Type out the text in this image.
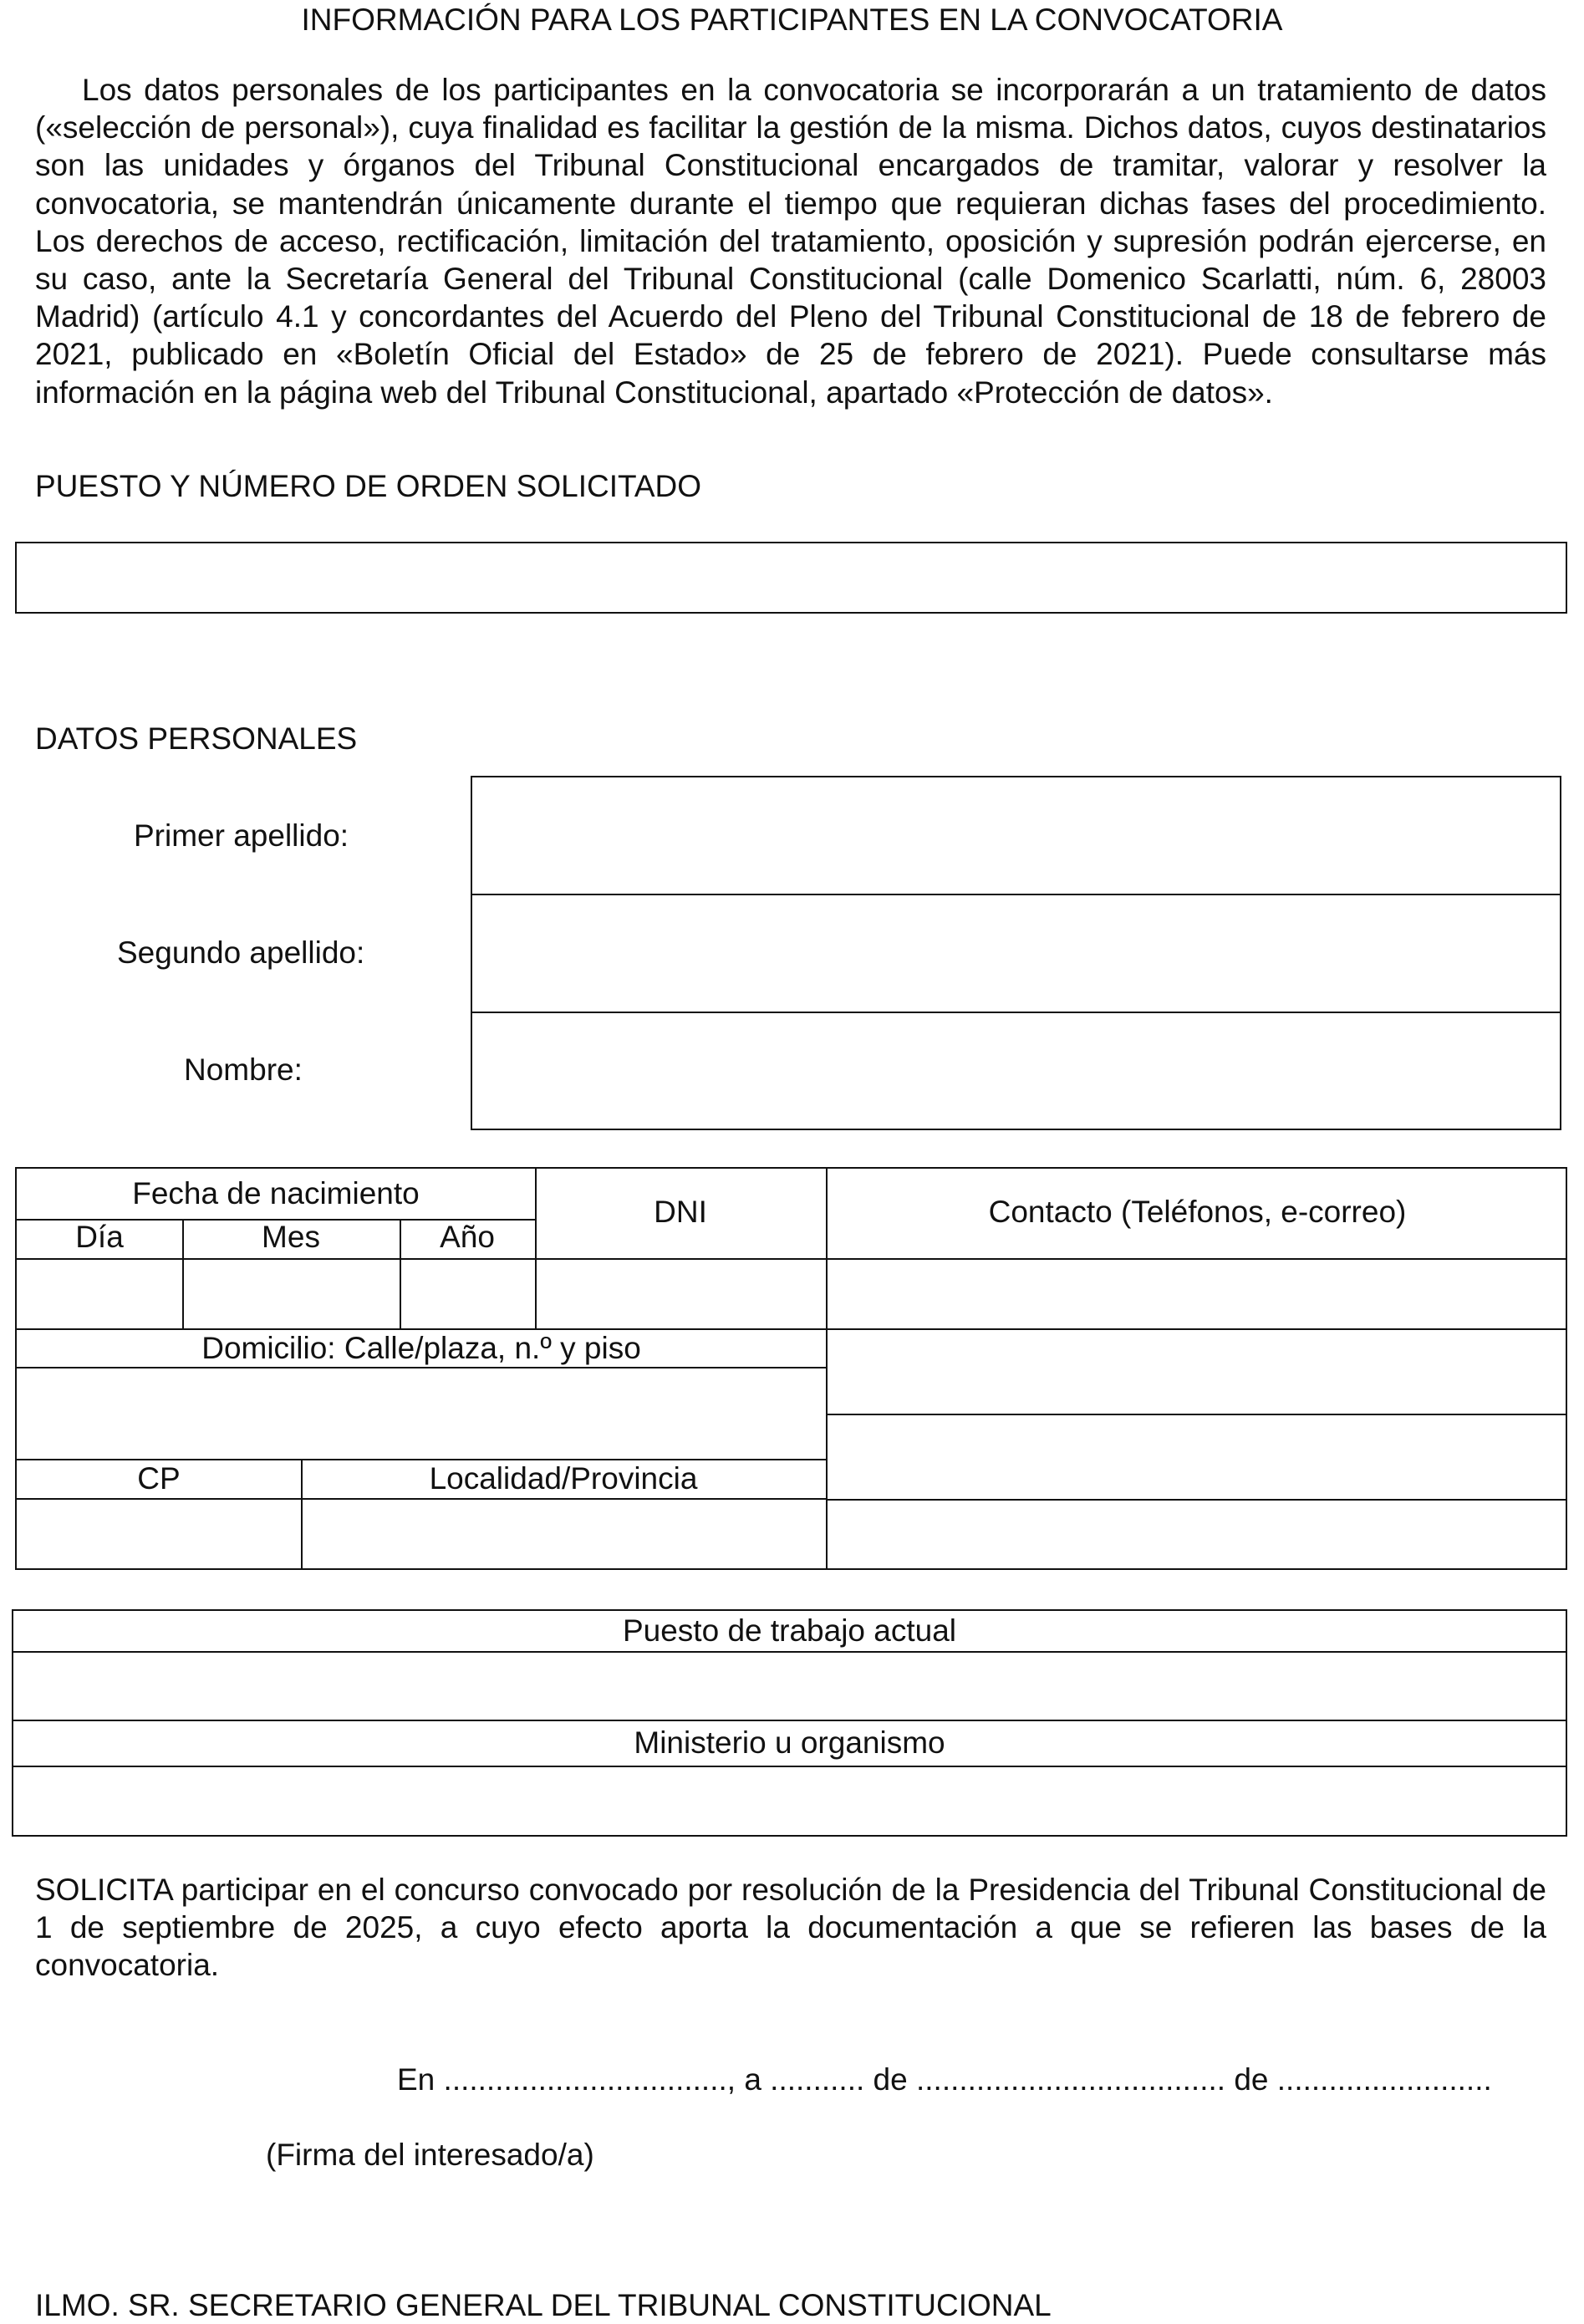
INFORMACIÓN PARA LOS PARTICIPANTES EN LA CONVOCATORIA
Los datos personales de los participantes en la convocatoria se incorporarán a un tratamiento de datos («selección de personal»), cuya finalidad es facilitar la gestión de la misma. Dichos datos, cuyos destinatarios son las unidades y órganos del Tribunal Constitucional encargados de tramitar, valorar y resolver la convocatoria, se mantendrán únicamente durante el tiempo que requieran dichas fases del procedimiento. Los derechos de acceso, rectificación, limitación del tratamiento, oposición y supresión podrán ejercerse, en su caso, ante la Secretaría General del Tribunal Constitucional (calle Domenico Scarlatti, núm. 6, 28003 Madrid) (artículo 4.1 y concordantes del Acuerdo del Pleno del Tribunal Constitucional de 18 de febrero de 2021, publicado en «Boletín Oficial del Estado» de 25 de febrero de 2021). Puede consultarse más información en la página web del Tribunal Constitucional, apartado «Protección de datos».
PUESTO Y NÚMERO DE ORDEN SOLICITADO
DATOS PERSONALES
Primer apellido:
Segundo apellido:
Nombre:
Fecha de nacimiento
Día	Mes	Año
DNI	Contacto (Teléfonos, e-correo)
Domicilio: Calle/plaza, n.º y piso
CP	Localidad/Provincia
Puesto de trabajo actual
Ministerio u organismo
SOLICITA participar en el concurso convocado por resolución de la Presidencia del Tribunal Constitucional de 1 de septiembre de 2025, a cuyo efecto aporta la documentación a que se refieren las bases de la convocatoria.
En ................................., a ........... de .................................... de .........................
(Firma del interesado/a)
ILMO. SR. SECRETARIO GENERAL DEL TRIBUNAL CONSTITUCIONAL
